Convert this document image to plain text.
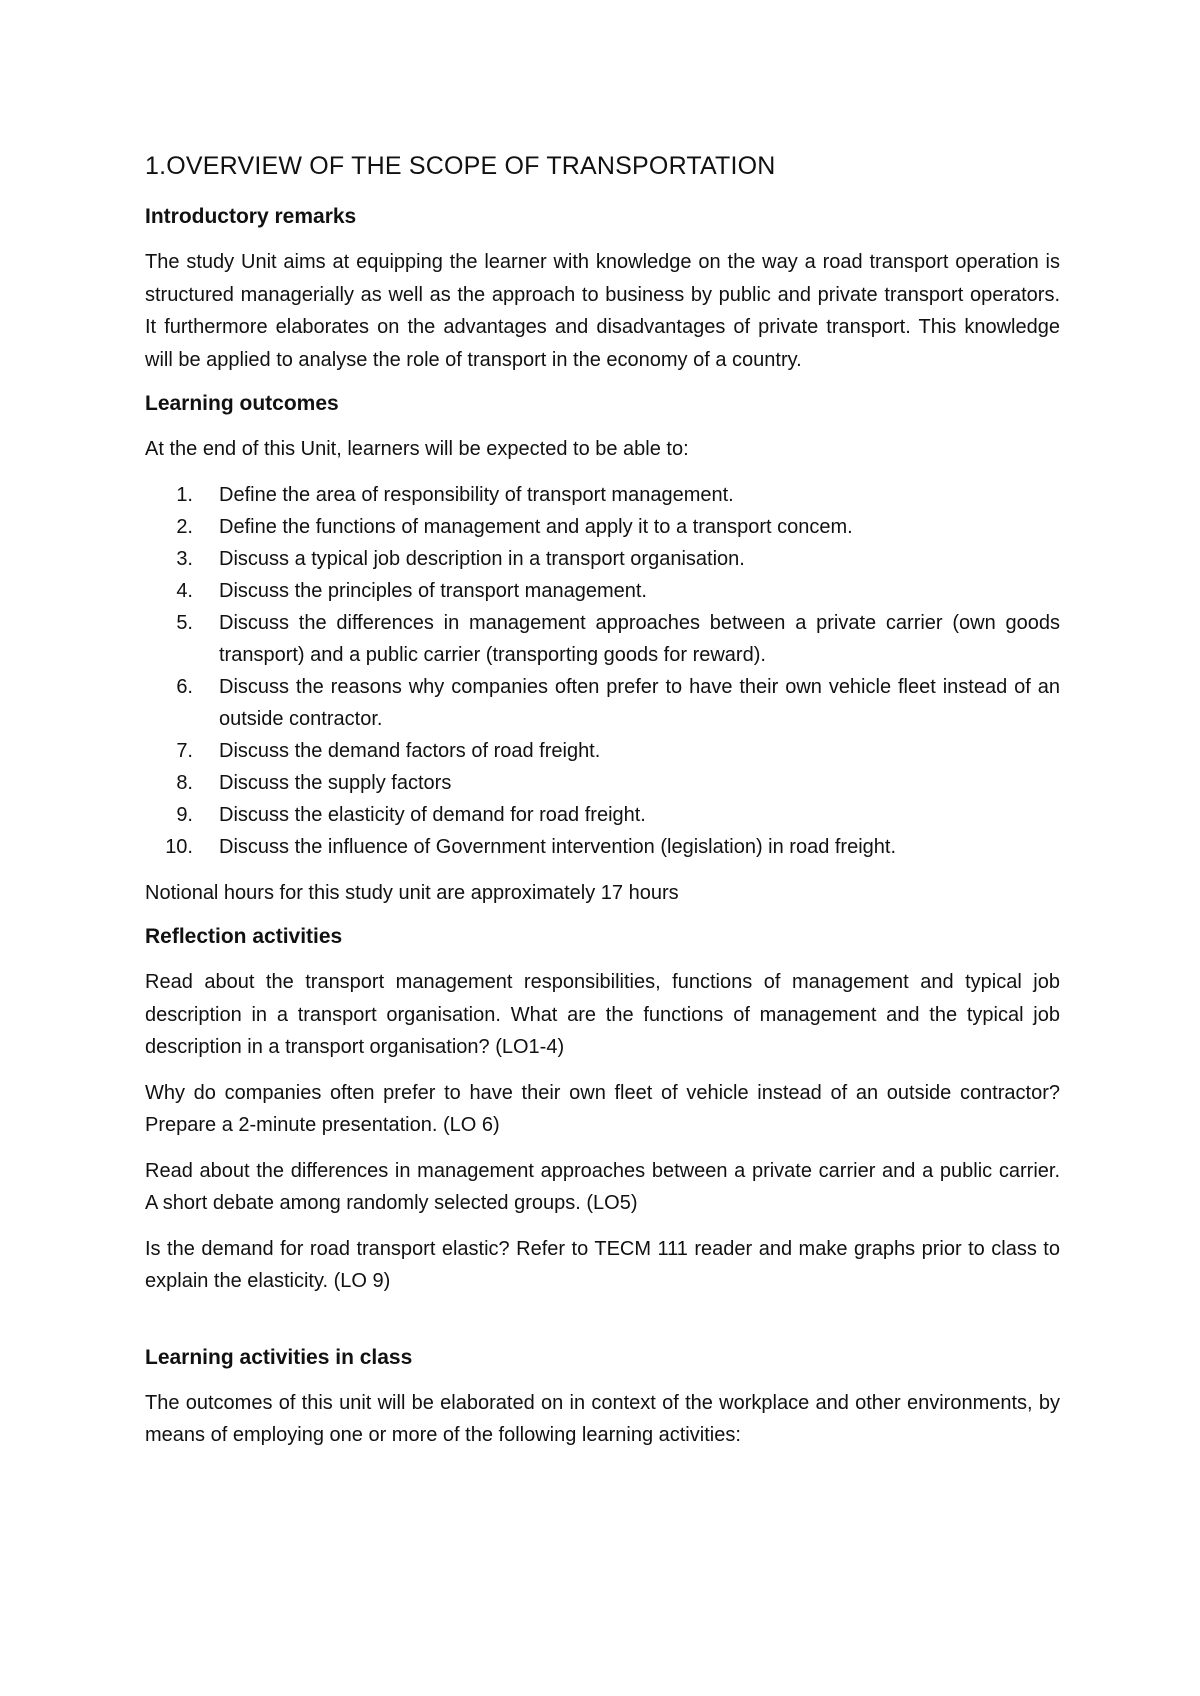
1.OVERVIEW OF THE SCOPE OF TRANSPORTATION
Introductory remarks

The study Unit aims at equipping the learner with knowledge on the way a road transport operation is structured managerially as well as the approach to business by public and private transport operators. It furthermore elaborates on the advantages and disadvantages of private transport. This knowledge will be applied to analyse the role of transport in the economy of a country.

Learning outcomes

At the end of this Unit, learners will be expected to be able to:

1. Define the area of responsibility of transport management.
2. Define the functions of management and apply it to a transport concem.
3. Discuss a typical job description in a transport organisation.
4. Discuss the principles of transport management.
5. Discuss the differences in management approaches between a private carrier (own goods transport) and a public carrier (transporting goods for reward).
6. Discuss the reasons why companies often prefer to have their own vehicle fleet instead of an outside contractor.
7. Discuss the demand factors of road freight.
8. Discuss the supply factors
9. Discuss the elasticity of demand for road freight.
10. Discuss the influence of Government intervention (legislation) in road freight.

Notional hours for this study unit are approximately 17 hours

Reflection activities

Read about the transport management responsibilities, functions of management and typical job description in a transport organisation. What are the functions of management and the typical job description in a transport organisation? (LO1-4)

Why do companies often prefer to have their own fleet of vehicle instead of an outside contractor? Prepare a 2-minute presentation. (LO 6)

Read about the differences in management approaches between a private carrier and a public carrier. A short debate among randomly selected groups. (LO5)

Is the demand for road transport elastic? Refer to TECM 111 reader and make graphs prior to class to explain the elasticity. (LO 9)

Learning activities in class

The outcomes of this unit will be elaborated on in context of the workplace and other environments, by means of employing one or more of the following learning activities:
